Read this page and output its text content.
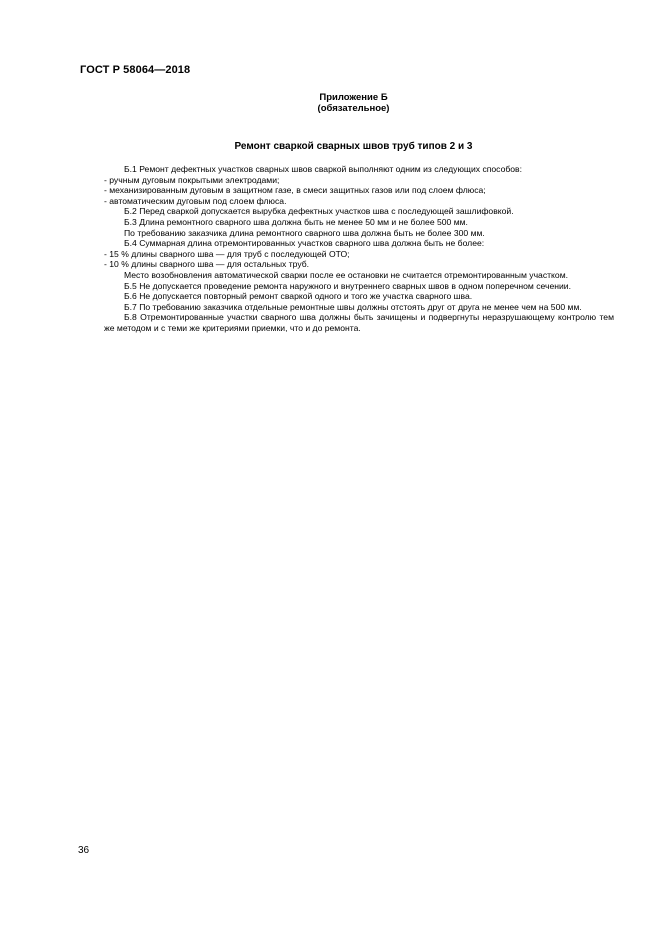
ГОСТ Р 58064—2018
Приложение Б
(обязательное)
Ремонт сваркой сварных швов труб типов 2 и 3

Б.1 Ремонт дефектных участков сварных швов сваркой выполняют одним из следующих способов:

- ручным дуговым покрытыми электродами;

- механизированным дуговым в защитном газе, в смеси защитных газов или под слоем флюса;

- автоматическим дуговым под слоем флюса.

Б.2 Перед сваркой допускается вырубка дефектных участков шва с последующей зашлифовкой.

Б.3 Длина ремонтного сварного шва должна быть не менее 50 мм и не более 500 мм.

По требованию заказчика длина ремонтного сварного шва должна быть не более 300 мм.

Б.4 Суммарная длина отремонтированных участков сварного шва должна быть не более:

- 15 % длины сварного шва — для труб с последующей ОТО;

- 10 % длины сварного шва — для остальных труб.

Место возобновления автоматической сварки после ее остановки не считается отремонтированным участком.

Б.5 Не допускается проведение ремонта наружного и внутреннего сварных швов в одном поперечном сечении.

Б.6 Не допускается повторный ремонт сваркой одного и того же участка сварного шва.

Б.7 По требованию заказчика отдельные ремонтные швы должны отстоять друг от друга не менее чем на 500 мм.

Б.8 Отремонтированные участки сварного шва должны быть зачищены и подвергнуты неразрушающему контролю тем же методом и с теми же критериями приемки, что и до ремонта.

36
